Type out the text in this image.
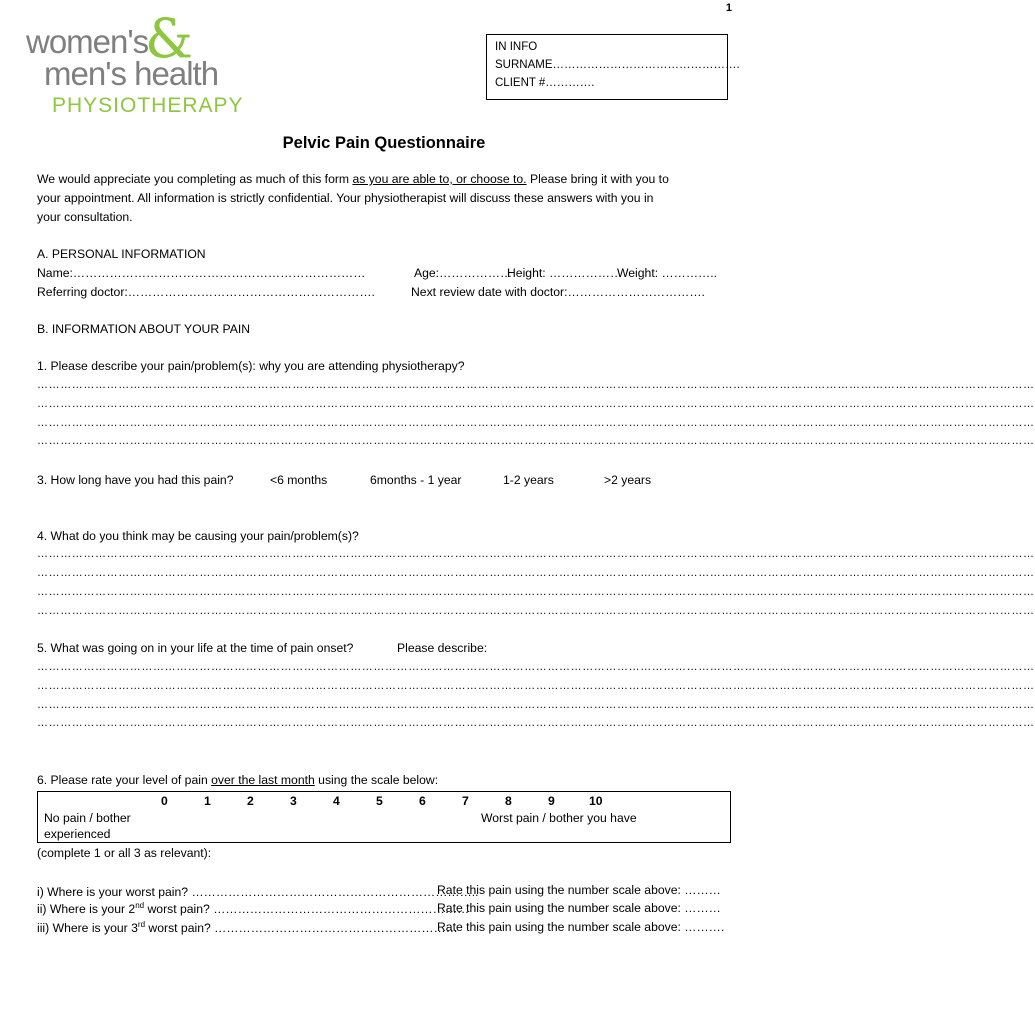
1
women's
&
men's health
PHYSIOTHERAPY
IN INFO
SURNAME………………………………………….
CLIENT #………….
Pelvic Pain Questionnaire
We would appreciate you completing as much of this form as you are able to, or choose to. Please bring it with you to
your appointment. All information is strictly confidential. Your physiotherapist will discuss these answers with you in
your consultation.
A. PERSONAL INFORMATION
Name:………………………………………………………………	Age:………………
Height: ………………
Weight: …………..
Referring doctor:…………………………………………………….	Next review date with doctor:…………………………….
B. INFORMATION ABOUT YOUR PAIN
1. Please describe your pain/problem(s): why you are attending physiotherapy?
……………………………………………………………………………………………………………………………………………………………………………………………………………………………………
……………………………………………………………………………………………………………………………………………………………………………………………………………………………………
……………………………………………………………………………………………………………………………………………………………………………………………………………………………………
……………………………………………………………………………………………………………………………………………………………………………………………………………………………………
3. How long have you had this pain?	<6 months	6months - 1 year	1-2 years	>2 years
4. What do you think may be causing your pain/problem(s)?
……………………………………………………………………………………………………………………………………………………………………………………………………………………………………
……………………………………………………………………………………………………………………………………………………………………………………………………………………………………
……………………………………………………………………………………………………………………………………………………………………………………………………………………………………
……………………………………………………………………………………………………………………………………………………………………………………………………………………………………
5. What was going on in your life at the time of pain onset?	Please describe:
……………………………………………………………………………………………………………………………………………………………………………………………………………………………………
……………………………………………………………………………………………………………………………………………………………………………………………………………………………………
……………………………………………………………………………………………………………………………………………………………………………………………………………………………………
……………………………………………………………………………………………………………………………………………………………………………………………………………………………………
6. Please rate your level of pain over the last month using the scale below:
0	1	2	3	4	5	6	7	8	9	10
No pain / bother
experienced
Worst pain / bother you have
(complete 1 or all 3 as relevant):
i) Where is your worst pain? ……………………………………………………………..
Rate this pain using the number scale above: ………
ii) Where is your 2nd worst pain? ………………………………………………………
Rate this pain using the number scale above: ………
iii) Where is your 3rd worst pain? ……………………………………………………
Rate this pain using the number scale above: ……….
